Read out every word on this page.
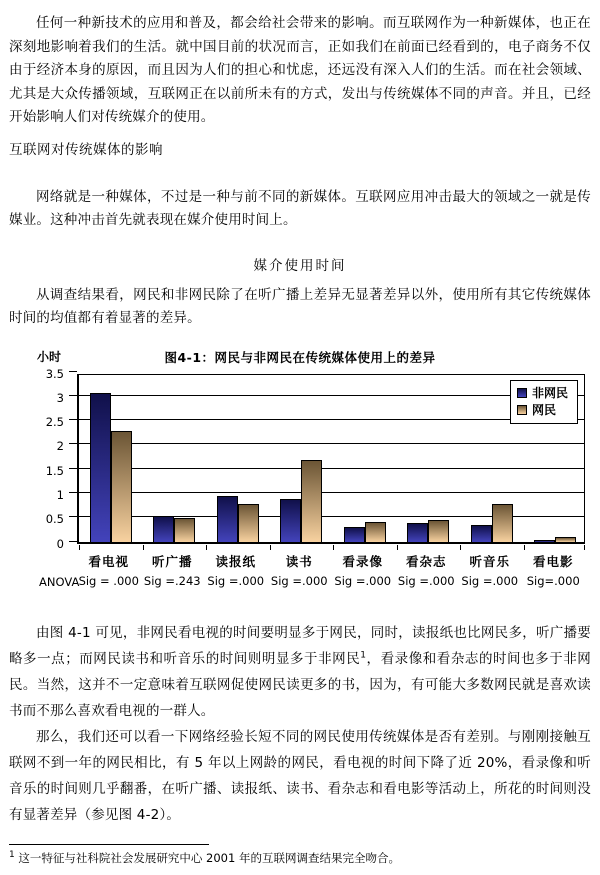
任何一种新技术的应用和普及，都会给社会带来的影响。而互联网作为一种新媒体，也正在深刻地影响着我们的生活。就中国目前的状况而言，正如我们在前面已经看到的，电子商务不仅由于经济本身的原因，而且因为人们的担心和忧虑，还远没有深入人们的生活。而在社会领域、尤其是大众传播领域，互联网正在以前所未有的方式，发出与传统媒体不同的声音。并且，已经开始影响人们对传统媒介的使用。

互联网对传统媒体的影响

网络就是一种媒体，不过是一种与前不同的新媒体。互联网应用冲击最大的领域之一就是传媒业。这种冲击首先就表现在媒介使用时间上。

媒介使用时间

从调查结果看，网民和非网民除了在听广播上差异无显著差异以外，使用所有其它传统媒体时间的均值都有着显著的差异。

小时	图4-1：网民与非网民在传统媒体使用上的差异
0
0.5
1
1.5
2
2.5
3
3.5
非网民
网民
看电视	听广播	读报纸	读书	看录像	看杂志	听音乐	看电影
ANOVA Sig = .000 Sig =.243 Sig =.000 Sig =.000 Sig =.000 Sig =.000 Sig =.000 Sig=.000

由图 4-1 可见，非网民看电视的时间要明显多于网民，同时，读报纸也比网民多，听广播要略多一点；而网民读书和听音乐的时间则明显多于非网民$^1$，看录像和看杂志的时间也多于非网民。当然，这并不一定意味着互联网促使网民读更多的书，因为，有可能大多数网民就是喜欢读书而不那么喜欢看电视的一群人。

那么，我们还可以看一下网络经验长短不同的网民使用传统媒体是否有差别。与刚刚接触互联网不到一年的网民相比，有 5 年以上网龄的网民，看电视的时间下降了近 20%，看录像和听音乐的时间则几乎翻番，在听广播、读报纸、读书、看杂志和看电影等活动上，所花的时间则没有显著差异（参见图 4-2）。

$^1$ 这一特征与社科院社会发展研究中心 2001 年的互联网调查结果完全吻合。
